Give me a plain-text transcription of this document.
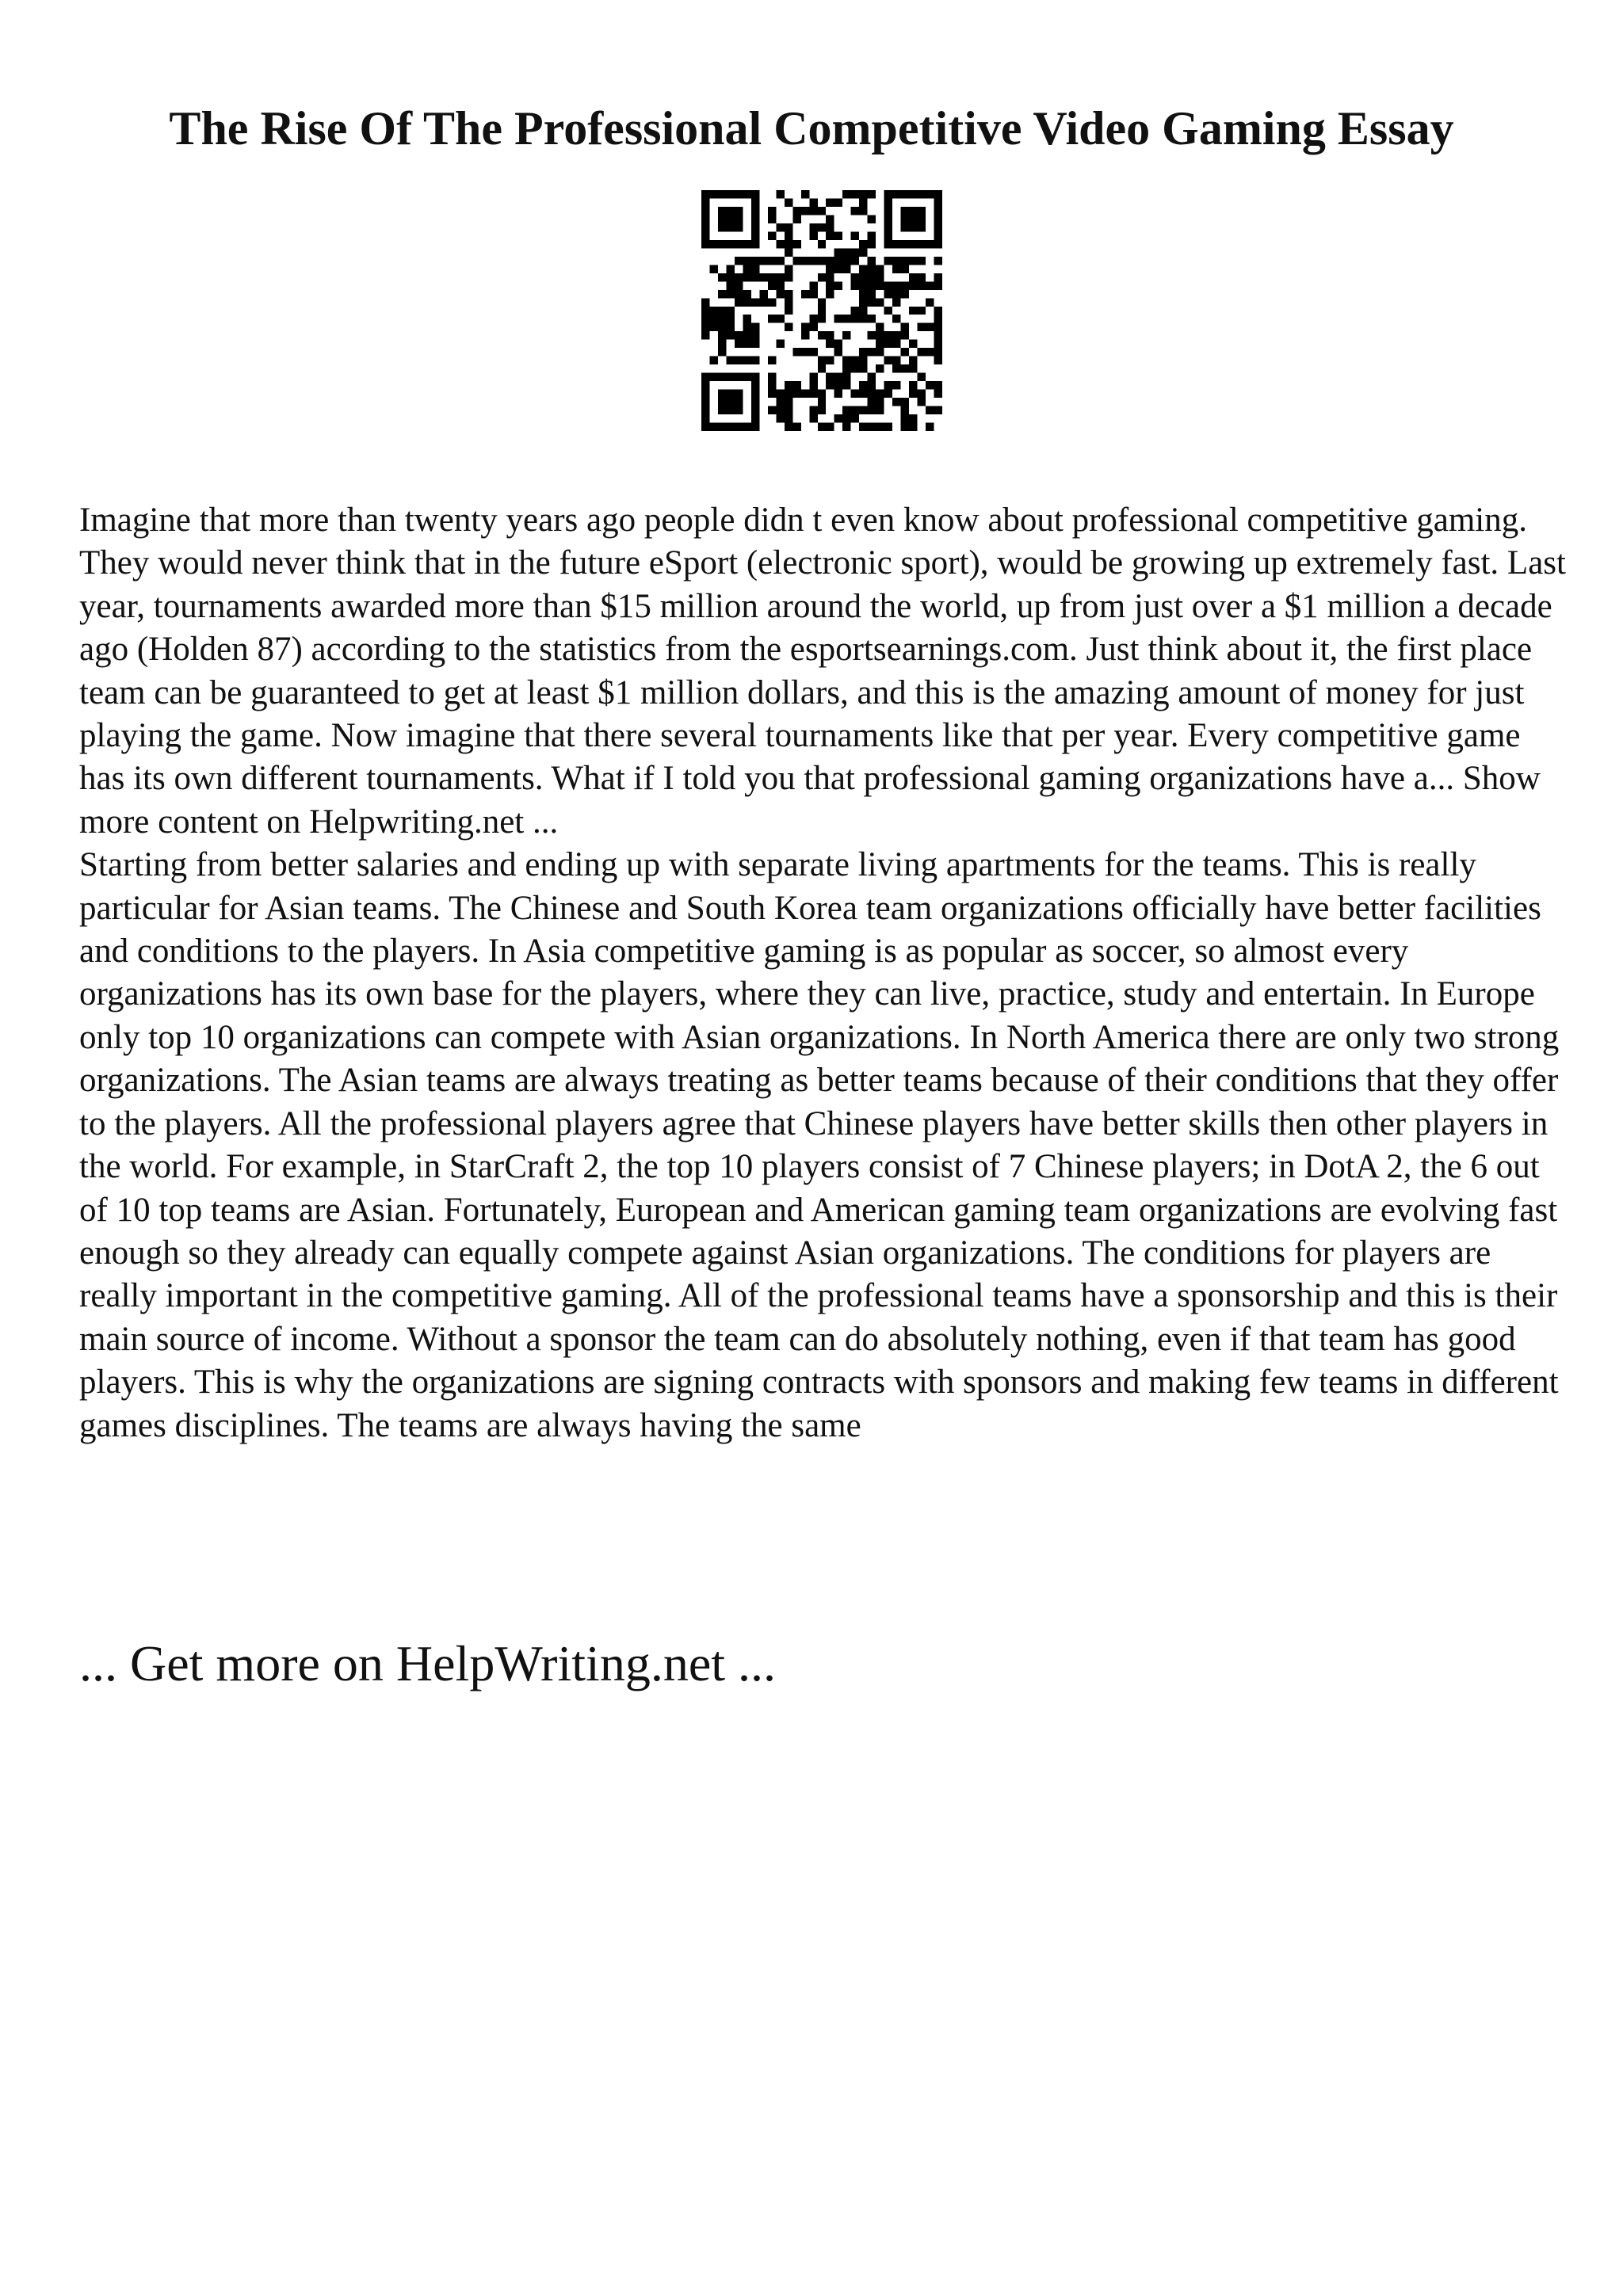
The Rise Of The Professional Competitive Video Gaming Essay

Imagine that more than twenty years ago people didn t even know about professional competitive gaming. They would never think that in the future eSport (electronic sport), would be growing up extremely fast. Last year, tournaments awarded more than $15 million around the world, up from just over a $1 million a decade ago (Holden 87) according to the statistics from the esportsearnings.com. Just think about it, the first place team can be guaranteed to get at least $1 million dollars, and this is the amazing amount of money for just playing the game. Now imagine that there several tournaments like that per year. Every competitive game has its own different tournaments. What if I told you that professional gaming organizations have a... Show more content on Helpwriting.net ...

Starting from better salaries and ending up with separate living apartments for the teams. This is really particular for Asian teams. The Chinese and South Korea team organizations officially have better facilities and conditions to the players. In Asia competitive gaming is as popular as soccer, so almost every organizations has its own base for the players, where they can live, practice, study and entertain. In Europe only top 10 organizations can compete with Asian organizations. In North America there are only two strong organizations. The Asian teams are always treating as better teams because of their conditions that they offer to the players. All the professional players agree that Chinese players have better skills then other players in the world. For example, in StarCraft 2, the top 10 players consist of 7 Chinese players; in DotA 2, the 6 out of 10 top teams are Asian. Fortunately, European and American gaming team organizations are evolving fast enough so they already can equally compete against Asian organizations. The conditions for players are really important in the competitive gaming. All of the professional teams have a sponsorship and this is their main source of income. Without a sponsor the team can do absolutely nothing, even if that team has good players. This is why the organizations are signing contracts with sponsors and making few teams in different games disciplines. The teams are always having the same

... Get more on HelpWriting.net ...
